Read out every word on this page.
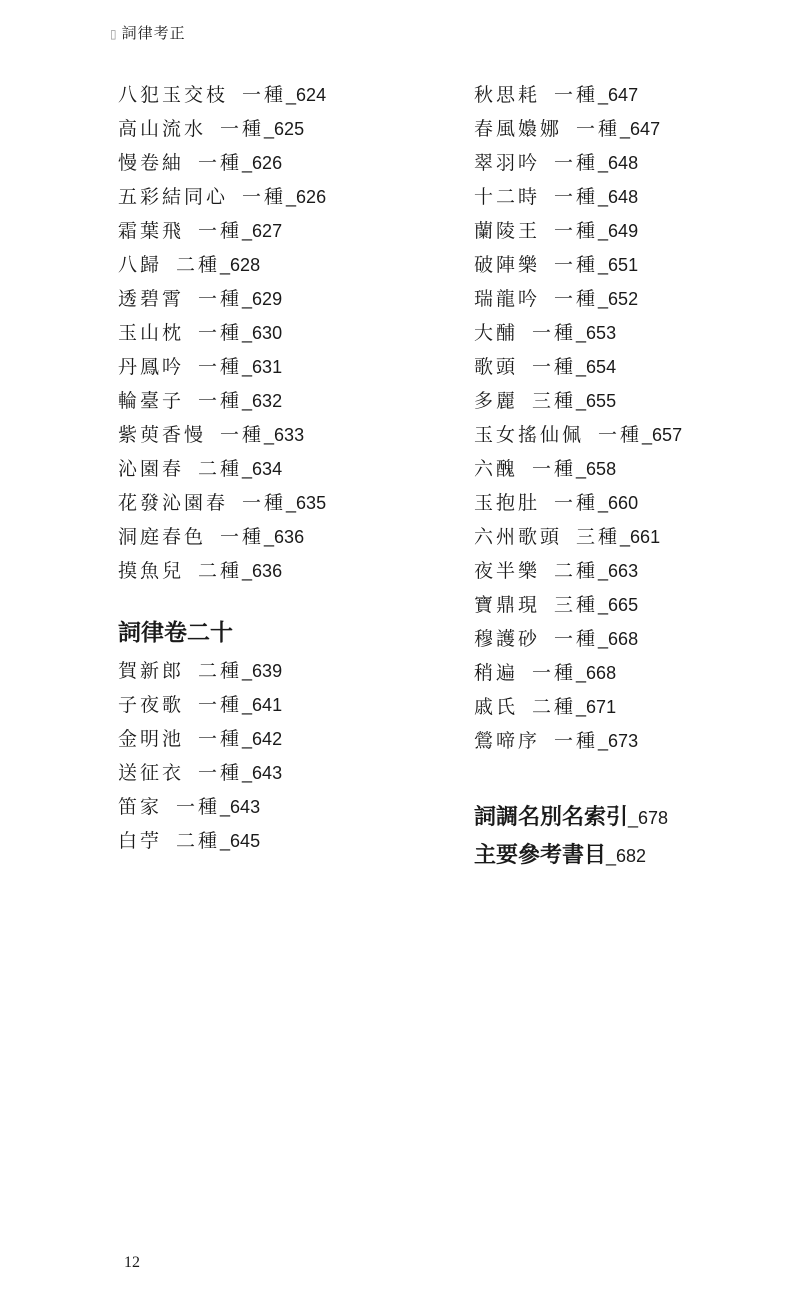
▯ 詞律考正
八犯玉交枝 一種_624
高山流水 一種_625
慢卷紬 一種_626
五彩結同心 一種_626
霜葉飛 一種_627
八歸 二種_628
透碧霄 一種_629
玉山枕 一種_630
丹鳳吟 一種_631
輪臺子 一種_632
紫萸香慢 一種_633
沁園春 二種_634
花發沁園春 一種_635
洞庭春色 一種_636
摸魚兒 二種_636
詞律卷二十
賀新郎 二種_639
子夜歌 一種_641
金明池 一種_642
送征衣 一種_643
笛家 一種_643
白苧 二種_645
秋思耗 一種_647
春風嬝娜 一種_647
翠羽吟 一種_648
十二時 一種_648
蘭陵王 一種_649
破陣樂 一種_651
瑞龍吟 一種_652
大酺 一種_653
歌頭 一種_654
多麗 三種_655
玉女搖仙佩 一種_657
六醜 一種_658
玉抱肚 一種_660
六州歌頭 三種_661
夜半樂 二種_663
寶鼎現 三種_665
穆護砂 一種_668
稍遍 一種_668
戚氏 二種_671
鶯啼序 一種_673
詞調名別名索引_678
主要參考書目_682
12
